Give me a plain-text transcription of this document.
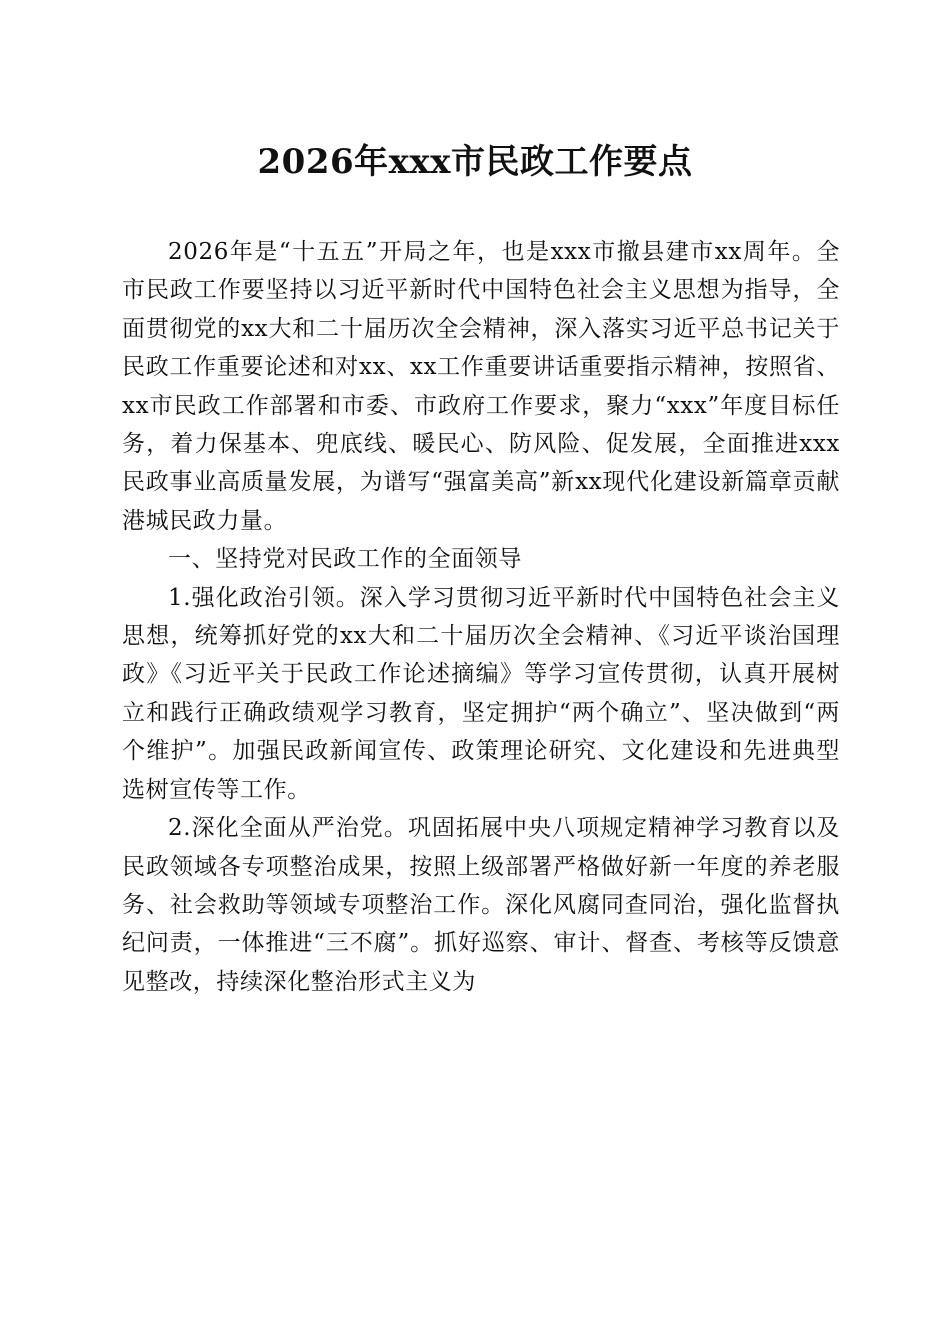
2026年xxx市民政工作要点

2026年是“十五五”开局之年，也是xxx市撤县建市xx周年。全市民政工作要坚持以习近平新时代中国特色社会主义思想为指导，全面贯彻党的xx大和二十届历次全会精神，深入落实习近平总书记关于民政工作重要论述和对xx、xx工作重要讲话重要指示精神，按照省、xx市民政工作部署和市委、市政府工作要求，聚力“xxx”年度目标任务，着力保基本、兜底线、暖民心、防风险、促发展，全面推进xxx民政事业高质量发展，为谱写“强富美高”新xx现代化建设新篇章贡献港城民政力量。

一、坚持党对民政工作的全面领导

1.强化政治引领。深入学习贯彻习近平新时代中国特色社会主义思想，统筹抓好党的xx大和二十届历次全会精神、《习近平谈治国理政》《习近平关于民政工作论述摘编》等学习宣传贯彻，认真开展树立和践行正确政绩观学习教育，坚定拥护“两个确立”、坚决做到“两个维护”。加强民政新闻宣传、政策理论研究、文化建设和先进典型选树宣传等工作。

2.深化全面从严治党。巩固拓展中央八项规定精神学习教育以及民政领域各专项整治成果，按照上级部署严格做好新一年度的养老服务、社会救助等领域专项整治工作。深化风腐同查同治，强化监督执纪问责，一体推进“三不腐”。抓好巡察、审计、督查、考核等反馈意见整改，持续深化整治形式主义为
